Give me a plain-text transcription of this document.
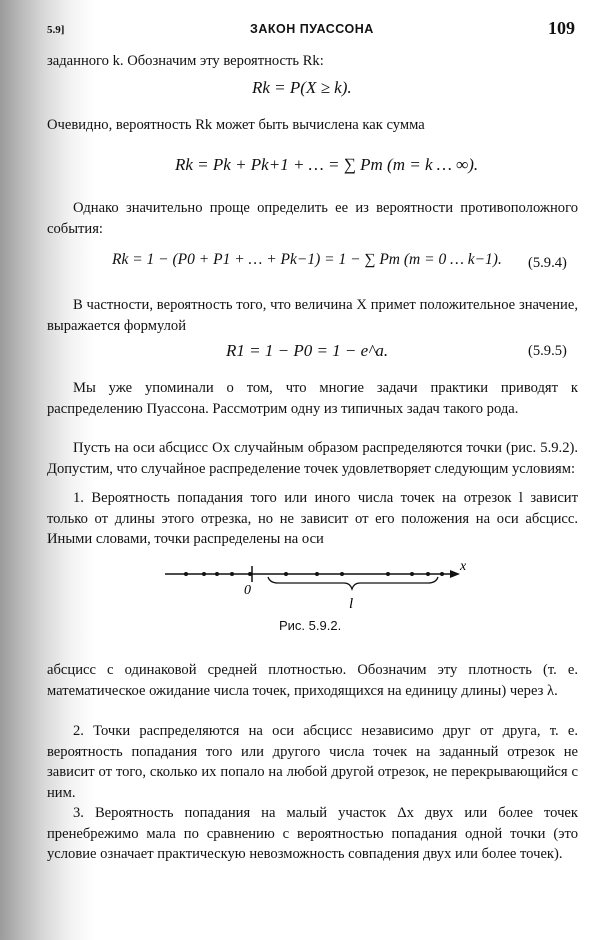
5.9]	ЗАКОН ПУАССОНА	109
заданного k. Обозначим эту вероятность Rk:
Rk = P(X ≥ k).
Очевидно, вероятность Rk может быть вычислена как сумма
Rk = Pk + Pk+1 + … = ∑ Pm (m = k … ∞).
Однако значительно проще определить ее из вероятности противоположного события:
Rk = 1 − (P0 + P1 + … + Pk−1) = 1 − ∑ Pm (m = 0 … k−1). (5.9.4)
В частности, вероятность того, что величина X примет положительное значение, выражается формулой
R1 = 1 − P0 = 1 − e^a.	(5.9.5)
Мы уже упоминали о том, что многие задачи практики приводят к распределению Пуассона. Рассмотрим одну из типичных задач такого рода.
Пусть на оси абсцисс Ox случайным образом распределяются точки (рис. 5.9.2). Допустим, что случайное распределение точек удовлетворяет следующим условиям:
1. Вероятность попадания того или иного числа точек на отрезок l зависит только от длины этого отрезка, но не зависит от его положения на оси абсцисс. Иными словами, точки распределены на оси
0
x
l
Рис. 5.9.2.
абсцисс с одинаковой средней плотностью. Обозначим эту плотность (т. е. математическое ожидание числа точек, приходящихся на единицу длины) через λ.
2. Точки распределяются на оси абсцисс независимо друг от друга, т. е. вероятность попадания того или другого числа точек на заданный отрезок не зависит от того, сколько их попало на любой другой отрезок, не перекрывающийся с ним.
3. Вероятность попадания на малый участок Δx двух или более точек пренебрежимо мала по сравнению с вероятностью попадания одной точки (это условие означает практическую невозможность совпадения двух или более точек).
